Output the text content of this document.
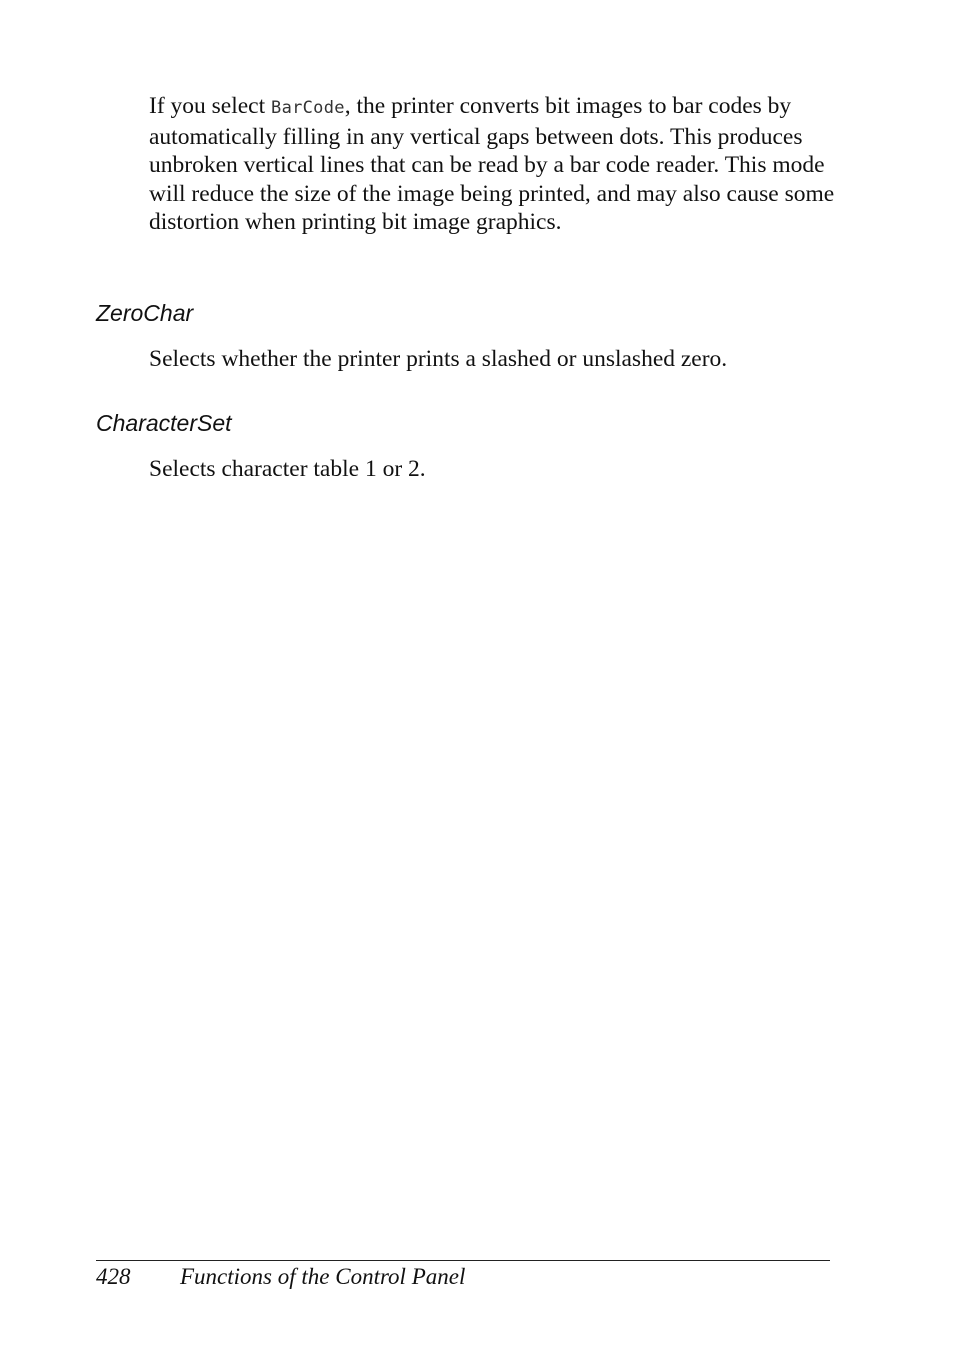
If you select BarCode, the printer converts bit images to bar codes by automatically filling in any vertical gaps between dots. This produces unbroken vertical lines that can be read by a bar code reader. This mode will reduce the size of the image being printed, and may also cause some distortion when printing bit image graphics.

ZeroChar

Selects whether the printer prints a slashed or unslashed zero.

CharacterSet

Selects character table 1 or 2.

428 Functions of the Control Panel
